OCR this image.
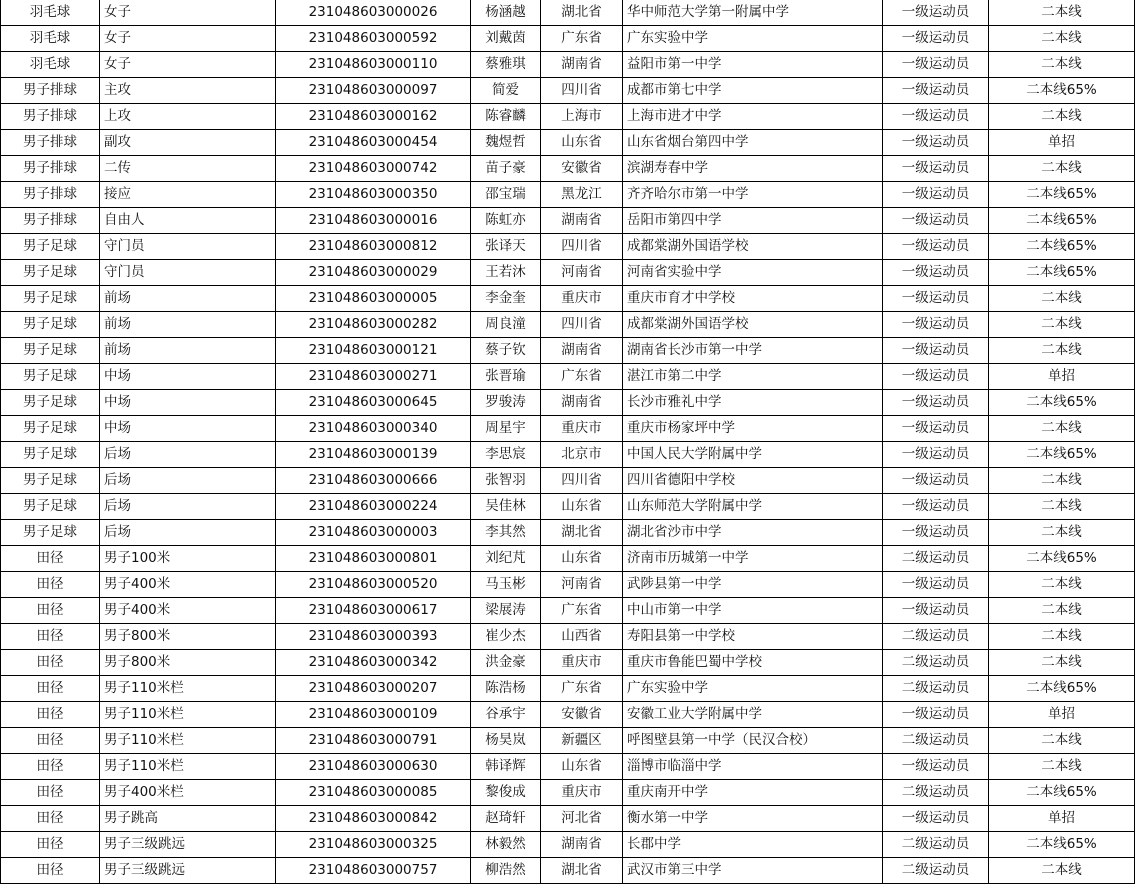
羽毛球	女子	231048603000026	杨涵越	湖北省	华中师范大学第一附属中学	一级运动员	二本线
羽毛球	女子	231048603000592	刘戴茵	广东省	广东实验中学	一级运动员	二本线
羽毛球	女子	231048603000110	蔡雅琪	湖南省	益阳市第一中学	一级运动员	二本线
男子排球	主攻	231048603000097	简爱	四川省	成都市第七中学	一级运动员	二本线65%
男子排球	上攻	231048603000162	陈睿麟	上海市	上海市进才中学	一级运动员	二本线
男子排球	副攻	231048603000454	魏煜哲	山东省	山东省烟台第四中学	一级运动员	单招
男子排球	二传	231048603000742	苗子豪	安徽省	滨湖寿春中学	一级运动员	二本线
男子排球	接应	231048603000350	邵宝瑞	黑龙江	齐齐哈尔市第一中学	一级运动员	二本线65%
男子排球	自由人	231048603000016	陈虹亦	湖南省	岳阳市第四中学	一级运动员	二本线65%
男子足球	守门员	231048603000812	张译天	四川省	成都棠湖外国语学校	一级运动员	二本线65%
男子足球	守门员	231048603000029	王若沐	河南省	河南省实验中学	一级运动员	二本线65%
男子足球	前场	231048603000005	李金奎	重庆市	重庆市育才中学校	一级运动员	二本线
男子足球	前场	231048603000282	周良潼	四川省	成都棠湖外国语学校	一级运动员	二本线
男子足球	前场	231048603000121	蔡子钦	湖南省	湖南省长沙市第一中学	一级运动员	二本线
男子足球	中场	231048603000271	张晋瑜	广东省	湛江市第二中学	一级运动员	单招
男子足球	中场	231048603000645	罗骏涛	湖南省	长沙市雅礼中学	一级运动员	二本线65%
男子足球	中场	231048603000340	周星宇	重庆市	重庆市杨家坪中学	一级运动员	二本线
男子足球	后场	231048603000139	李思宸	北京市	中国人民大学附属中学	一级运动员	二本线65%
男子足球	后场	231048603000666	张智羽	四川省	四川省德阳中学校	一级运动员	二本线
男子足球	后场	231048603000224	吴佳林	山东省	山东师范大学附属中学	一级运动员	二本线
男子足球	后场	231048603000003	李其然	湖北省	湖北省沙市中学	一级运动员	二本线
田径	男子100米	231048603000801	刘纪芃	山东省	济南市历城第一中学	二级运动员	二本线65%
田径	男子400米	231048603000520	马玉彬	河南省	武陟县第一中学	一级运动员	二本线
田径	男子400米	231048603000617	梁展涛	广东省	中山市第一中学	一级运动员	二本线
田径	男子800米	231048603000393	崔少杰	山西省	寿阳县第一中学校	二级运动员	二本线
田径	男子800米	231048603000342	洪金豪	重庆市	重庆市鲁能巴蜀中学校	二级运动员	二本线
田径	男子110米栏	231048603000207	陈浩杨	广东省	广东实验中学	二级运动员	二本线65%
田径	男子110米栏	231048603000109	谷承宇	安徽省	安徽工业大学附属中学	一级运动员	单招
田径	男子110米栏	231048603000791	杨昊岚	新疆区	呼图壁县第一中学（民汉合校）	二级运动员	二本线
田径	男子110米栏	231048603000630	韩译辉	山东省	淄博市临淄中学	一级运动员	二本线
田径	男子400米栏	231048603000085	黎俊成	重庆市	重庆南开中学	二级运动员	二本线65%
田径	男子跳高	231048603000842	赵琦轩	河北省	衡水第一中学	一级运动员	单招
田径	男子三级跳远	231048603000325	林毅然	湖南省	长郡中学	二级运动员	二本线65%
田径	男子三级跳远	231048603000757	柳浩然	湖北省	武汉市第三中学	二级运动员	二本线
